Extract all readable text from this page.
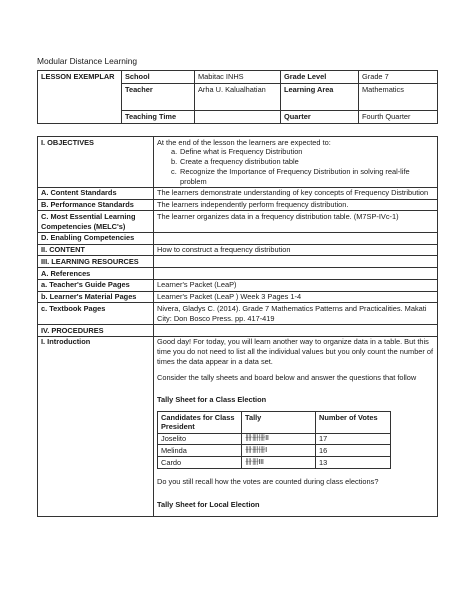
Modular Distance Learning
LESSON EXEMPLAR	School	Mabitac INHS	Grade Level	Grade 7
	Teacher	Arha U. Kalualhatian	Learning Area	Mathematics
	Teaching Time		Quarter	Fourth Quarter
I. OBJECTIVES	At the end of the lesson the learners are expected to:
a. Define what is Frequency Distribution
b. Create a frequency distribution table
c. Recognize the Importance of Frequency Distribution in solving real-life problem

A. Content Standards	The learners demonstrate understanding of key concepts of Frequency Distribution
B. Performance Standards	The learners independently perform frequency distribution.
C. Most Essential Learning Competencies (MELC's)	The learner organizes data in a frequency distribution table. (M7SP-IVc-1)
D. Enabling Competencies	
II. CONTENT	How to construct a frequency distribution
III. LEARNING RESOURCES	
A. References	
a. Teacher's Guide Pages	Learner's Packet (LeaP)
b. Learner's Material Pages	Learner's Packet (LeaP ) Week 3 Pages 1-4
c. Textbook Pages	Nivera, Gladys C. (2014). Grade 7 Mathematics Patterns and Practicalities. Makati City: Don Bosco Press. pp. 417-419
IV. PROCEDURES	
I. Introduction	Good day! For today, you will learn another way to organize data in a table. But this time you do not need to list all the individual values but you only count the number of times the data appear in a data set.

Consider the tally sheets and board below and answer the questions that follow

Tally Sheet for a Class Election

Candidates for Class President	Tally	Number of Votes
Joselito	卌卌卌II	17
Melinda	卌卌卌I	16
Cardo	卌卌III	13

Do you still recall how the votes are counted during class elections?

Tally Sheet for Local Election
